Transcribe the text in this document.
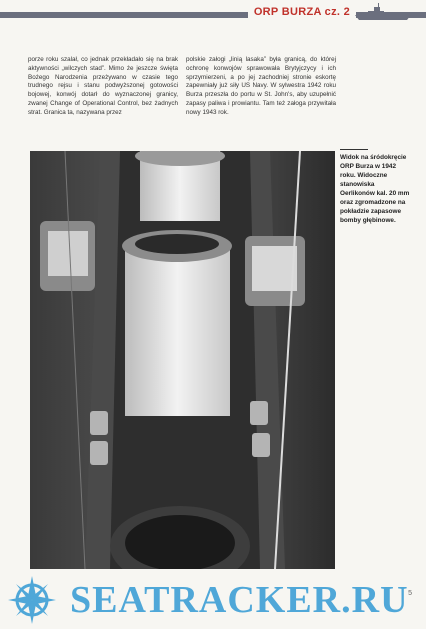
ORP BURZA cz. 2
porze roku szalał, co jednak przekładało się na brak aktywności „wilczych stad”. Mimo że jeszcze święta Bożego Narodzenia przeżywano w czasie tego trudnego rejsu i stanu podwyższonej gotowości bojowej, konwój dotarł do wyznaczonej granicy, zwanej Change of Operational Control, bez żadnych strat. Granica ta, nazywana przez
polskie załogi „linią lasaka” była granicą, do której ochronę konwojów sprawowała Brytyjczycy i ich sprzymierzeni, a po jej zachodniej stronie eskortę zapewniały już siły US Navy. W sylwestra 1942 roku Burza przeszła do portu w St. John's, aby uzupełnić zapasy paliwa i prowiantu. Tam też załoga przywitała nowy 1943 rok.
Widok na śródokręcie ORP Burza w 1942 roku. Widoczne stanowiska Oerlikonów kal. 20 mm oraz zgromadzone na pokładzie zapasowe bomby głębinowe.
SEATRACKER.RU 5
